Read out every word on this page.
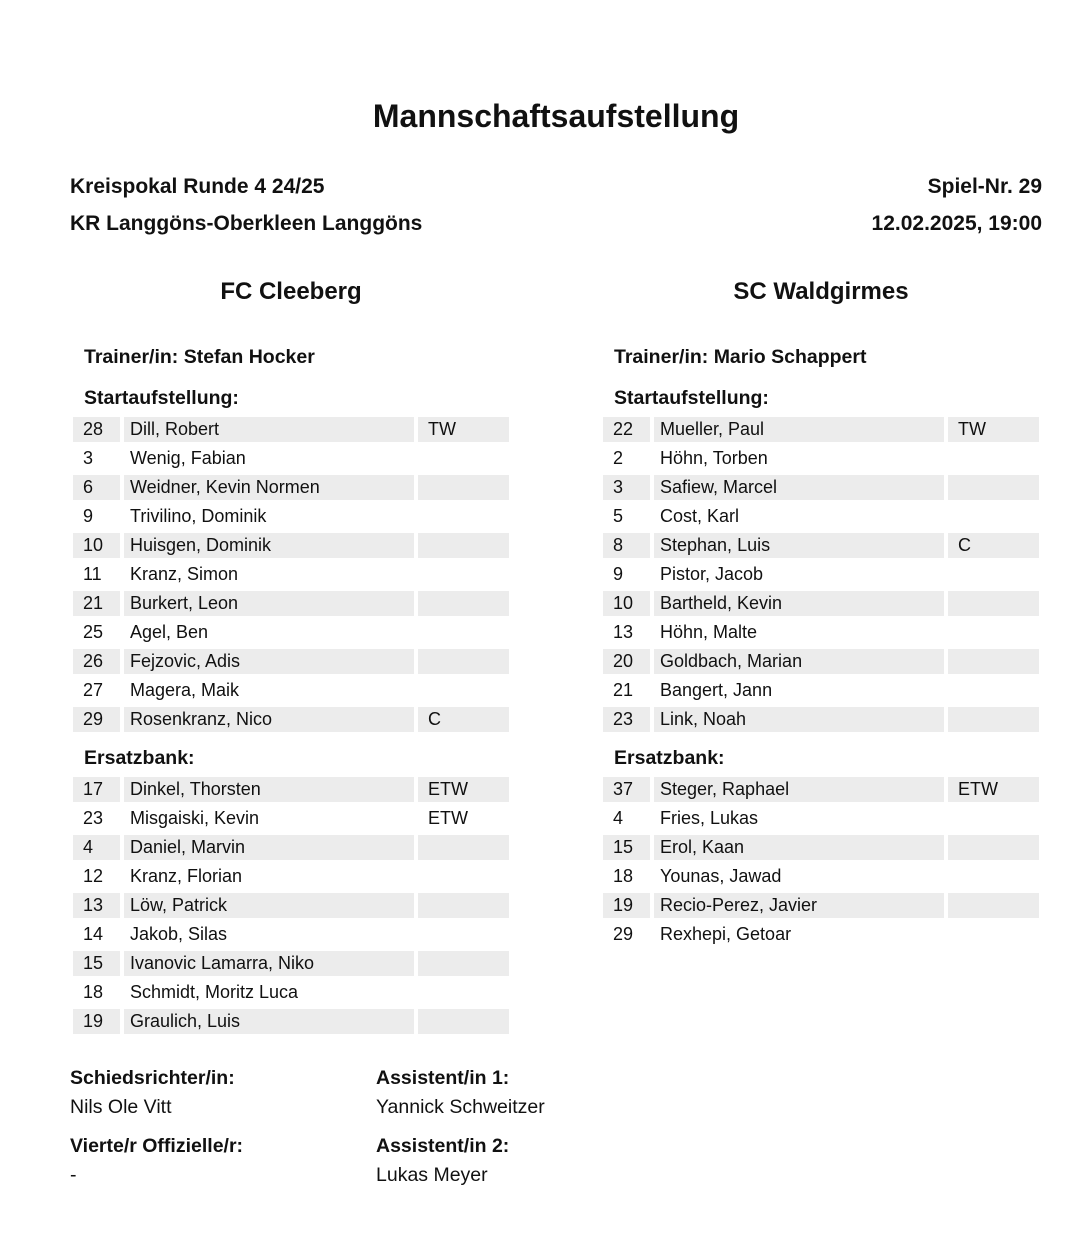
Mannschaftsaufstellung
Kreispokal Runde 4 24/25
KR Langgöns-Oberkleen Langgöns
Spiel-Nr. 29
12.02.2025, 19:00
FC Cleeberg	SC Waldgirmes
Trainer/in: Stefan Hocker	Trainer/in: Mario Schappert
Startaufstellung:	Startaufstellung:
28	Dill, Robert	TW
3	Wenig, Fabian
6	Weidner, Kevin Normen
9	Trivilino, Dominik
10	Huisgen, Dominik
11	Kranz, Simon
21	Burkert, Leon
25	Agel, Ben
26	Fejzovic, Adis
27	Magera, Maik
29	Rosenkranz, Nico	C
22	Mueller, Paul	TW
2	Höhn, Torben
3	Safiew, Marcel
5	Cost, Karl
8	Stephan, Luis	C
9	Pistor, Jacob
10	Bartheld, Kevin
13	Höhn, Malte
20	Goldbach, Marian
21	Bangert, Jann
23	Link, Noah
Ersatzbank:	Ersatzbank:
17	Dinkel, Thorsten	ETW
23	Misgaiski, Kevin	ETW
4	Daniel, Marvin
12	Kranz, Florian
13	Löw, Patrick
14	Jakob, Silas
15	Ivanovic Lamarra, Niko
18	Schmidt, Moritz Luca
19	Graulich, Luis
37	Steger, Raphael	ETW
4	Fries, Lukas
15	Erol, Kaan
18	Younas, Jawad
19	Recio-Perez, Javier
29	Rexhepi, Getoar
Schiedsrichter/in:
Nils Ole Vitt
Vierte/r Offizielle/r:
-
Assistent/in 1:
Yannick Schweitzer
Assistent/in 2:
Lukas Meyer
